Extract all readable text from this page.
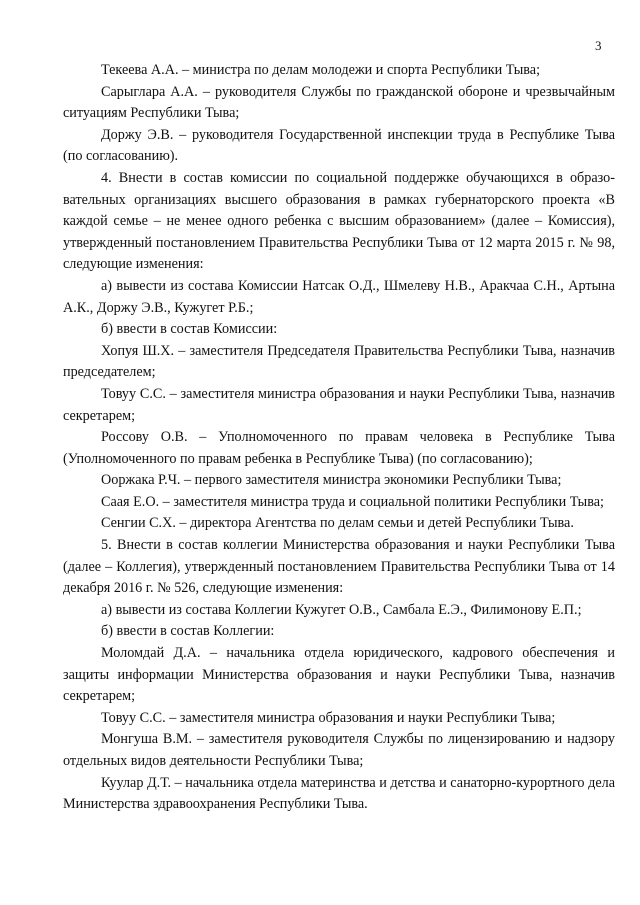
3

Текеева А.А. – министра по делам молодежи и спорта Республики Тыва;

Сарыглара А.А. – руководителя Службы по гражданской обороне и чрезвычайным ситуациям Республики Тыва;

Доржу Э.В. – руководителя Государственной инспекции труда в Республике Тыва (по согласованию).

4. Внести в состав комиссии по социальной поддержке обучающихся в образовательных организациях высшего образования в рамках губернаторского проекта «В каждой семье – не менее одного ребенка с высшим образованием» (далее – Комиссия), утвержденный постановлением Правительства Республики Тыва от 12 марта 2015 г. № 98, следующие изменения:

а) вывести из состава Комиссии Натсак О.Д., Шмелеву Н.В., Аракчаа С.Н., Артына А.К., Доржу Э.В., Кужугет Р.Б.;

б) ввести в состав Комиссии:

Хопуя Ш.Х. – заместителя Председателя Правительства Республики Тыва, назначив председателем;

Товуу С.С. – заместителя министра образования и науки Республики Тыва, назначив секретарем;

Россову О.В. – Уполномоченного по правам человека в Республике Тыва (Уполномоченного по правам ребенка в Республике Тыва) (по согласованию);

Ооржака Р.Ч. – первого заместителя министра экономики Республики Тыва;

Саая Е.О. – заместителя министра труда и социальной политики Республики Тыва;

Сенгии С.Х. – директора Агентства по делам семьи и детей Республики Тыва.

5. Внести в состав коллегии Министерства образования и науки Республики Тыва (далее – Коллегия), утвержденный постановлением Правительства Республики Тыва от 14 декабря 2016 г. № 526, следующие изменения:

а) вывести из состава Коллегии Кужугет О.В., Самбала Е.Э., Филимонову Е.П.;

б) ввести в состав Коллегии:

Моломдай Д.А. – начальника отдела юридического, кадрового обеспечения и защиты информации Министерства образования и науки Республики Тыва, назначив секретарем;

Товуу С.С. – заместителя министра образования и науки Республики Тыва;

Монгуша В.М. – заместителя руководителя Службы по лицензированию и надзору отдельных видов деятельности Республики Тыва;

Куулар Д.Т. – начальника отдела материнства и детства и санаторно-курортного дела Министерства здравоохранения Республики Тыва.
